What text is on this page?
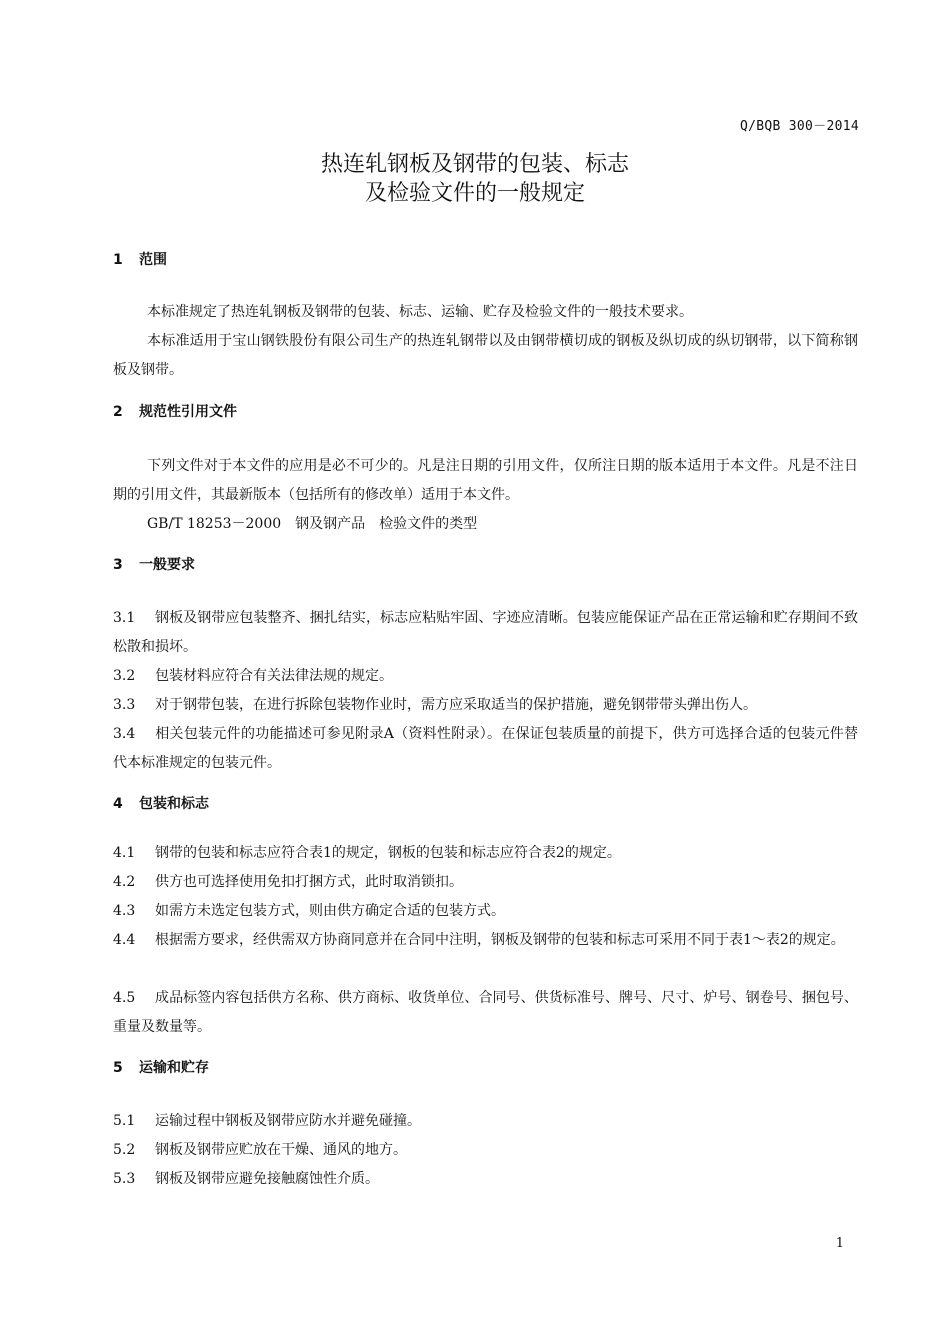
Q/BQB 300－2014
热连轧钢板及钢带的包装、标志
及检验文件的一般规定
1 范围

本标准规定了热连轧钢板及钢带的包装、标志、运输、贮存及检验文件的一般技术要求。

本标准适用于宝山钢铁股份有限公司生产的热连轧钢带以及由钢带横切成的钢板及纵切成的纵切钢带，以下简称钢板及钢带。

2 规范性引用文件

下列文件对于本文件的应用是必不可少的。凡是注日期的引用文件，仅所注日期的版本适用于本文件。凡是不注日期的引用文件，其最新版本（包括所有的修改单）适用于本文件。

GB/T 18253－2000　钢及钢产品　检验文件的类型

3 一般要求

3.1 钢板及钢带应包装整齐、捆扎结实，标志应粘贴牢固、字迹应清晰。包装应能保证产品在正常运输和贮存期间不致松散和损坏。

3.2 包装材料应符合有关法律法规的规定。

3.3 对于钢带包装，在进行拆除包装物作业时，需方应采取适当的保护措施，避免钢带带头弹出伤人。

3.4 相关包装元件的功能描述可参见附录A（资料性附录）。在保证包装质量的前提下，供方可选择合适的包装元件替代本标准规定的包装元件。

4 包装和标志

4.1 钢带的包装和标志应符合表1的规定，钢板的包装和标志应符合表2的规定。

4.2 供方也可选择使用免扣打捆方式，此时取消锁扣。

4.3 如需方未选定包装方式，则由供方确定合适的包装方式。

4.4 根据需方要求，经供需双方协商同意并在合同中注明，钢板及钢带的包装和标志可采用不同于表1～表2的规定。

4.5 成品标签内容包括供方名称、供方商标、收货单位、合同号、供货标准号、牌号、尺寸、炉号、钢卷号、捆包号、重量及数量等。

5 运输和贮存

5.1 运输过程中钢板及钢带应防水并避免碰撞。

5.2 钢板及钢带应贮放在干燥、通风的地方。

5.3 钢板及钢带应避免接触腐蚀性介质。

1
